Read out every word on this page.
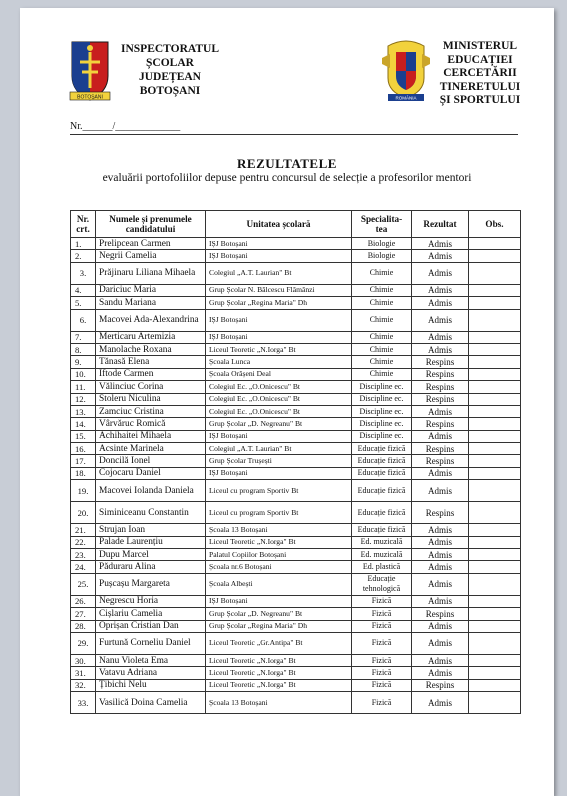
BOTOȘANI
INSPECTORATUL
ȘCOLAR
JUDEȚEAN
BOTOȘANI
ROMÂNIA
MINISTERUL
EDUCAȚIEI
CERCETĂRII
TINERETULUI
ȘI SPORTULUI
Nr.______/_____________
REZULTATELE
evaluării portofoliilor depuse pentru concursul de selecție a profesorilor mentori
Nr. crt.	Numele și prenumele candidatului	Unitatea școlară	Specialita-tea	Rezultat	Obs.
1.	Prelipcean Carmen	IȘJ Botoșani	Biologie	Admis	
2.	Negrii Camelia	IȘJ Botoșani	Biologie	Admis	
3.	Prăjinaru Liliana Mihaela	Colegiul „A.T. Laurian" Bt	Chimie	Admis	
4.	Dariciuc Maria	Grup Școlar N. Bălcescu Flămânzi	Chimie	Admis	
5.	Sandu Mariana	Grup Școlar „Regina Maria" Dh	Chimie	Admis	
6.	Macovei Ada-Alexandrina	IȘJ Botoșani	Chimie	Admis	
7.	Merticaru Artemizia	IȘJ Botoșani	Chimie	Admis	
8.	Manolache Roxana	Liceul Teoretic „N.Iorga" Bt	Chimie	Admis	
9.	Tănasă Elena	Școala Lunca	Chimie	Respins	
10.	Iftode Carmen	Școala Orășeni Deal	Chimie	Respins	
11.	Vălinciuc Corina	Colegiul Ec. „O.Onicescu" Bt	Discipline ec.	Respins	
12.	Stoleru Niculina	Colegiul Ec. „O.Onicescu" Bt	Discipline ec.	Respins	
13.	Zamciuc Cristina	Colegiul Ec. „O.Onicescu" Bt	Discipline ec.	Admis	
14.	Vârvăruc Romică	Grup Școlar „D. Negreanu" Bt	Discipline ec.	Respins	
15.	Achihaitei Mihaela	IȘJ Botoșani	Discipline ec.	Admis	
16.	Acsinte Marinela	Colegiul „A.T. Laurian" Bt	Educație fizică	Respins	
17.	Doncilă Ionel	Grup Școlar Trușești	Educație fizică	Respins	
18.	Cojocaru Daniel	IȘJ Botoșani	Educație fizică	Admis	
19.	Macovei Iolanda Daniela	Liceul cu program Sportiv Bt	Educație fizică	Admis	
20.	Siminiceanu Constantin	Liceul cu program Sportiv Bt	Educație fizică	Respins	
21.	Strujan Ioan	Școala 13 Botoșani	Educație fizică	Admis	
22.	Palade Laurențiu	Liceul Teoretic „N.Iorga" Bt	Ed. muzicală	Admis	
23.	Dupu Marcel	Palatul Copiilor Botoșani	Ed. muzicală	Admis	
24.	Păduraru Alina	Școala nr.6 Botoșani	Ed. plastică	Admis	
25.	Pușcașu Margareta	Școala Albești	Educație tehnologică	Admis	
26.	Negrescu Horia	IȘJ Botoșani	Fizică	Admis	
27.	Cișlariu Camelia	Grup Școlar „D. Negreanu" Bt	Fizică	Respins	
28.	Oprișan Cristian Dan	Grup Școlar „Regina Maria" Dh	Fizică	Admis	
29.	Furtună Corneliu Daniel	Liceul Teoretic „Gr.Antipa" Bt	Fizică	Admis	
30.	Nanu Violeta Ema	Liceul Teoretic „N.Iorga" Bt	Fizică	Admis	
31.	Vatavu Adriana	Liceul Teoretic „N.Iorga" Bt	Fizică	Admis	
32.	Țibichi Nelu	Liceul Teoretic „N.Iorga" Bt	Fizică	Respins	
33.	Vasilică Doina Camelia	Școala 13 Botoșani	Fizică	Admis	
